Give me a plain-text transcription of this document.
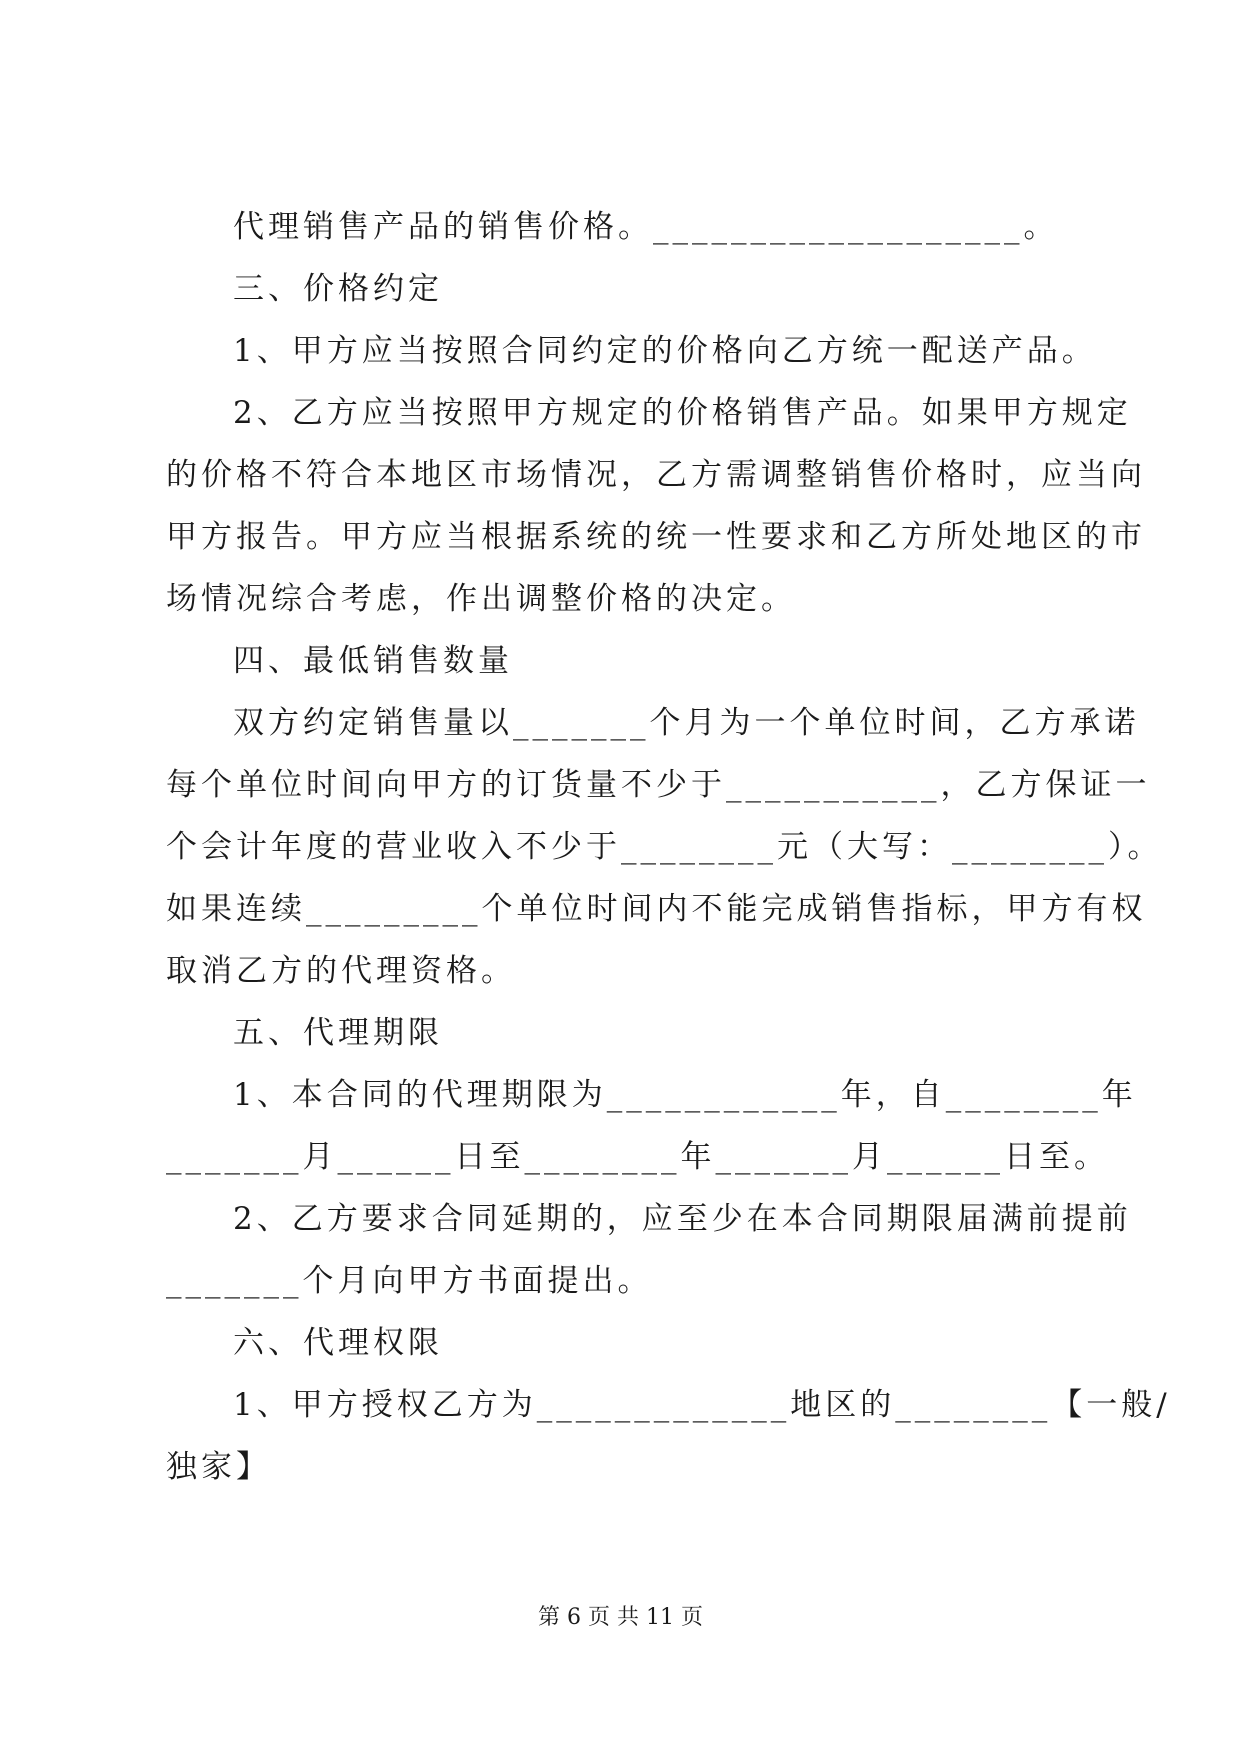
代理销售产品的销售价格。___________________。
三、价格约定
1、甲方应当按照合同约定的价格向乙方统一配送产品。
2、乙方应当按照甲方规定的价格销售产品。如果甲方规定
的价格不符合本地区市场情况，乙方需调整销售价格时，应当向
甲方报告。甲方应当根据系统的统一性要求和乙方所处地区的市
场情况综合考虑，作出调整价格的决定。
四、最低销售数量
双方约定销售量以_______个月为一个单位时间，乙方承诺
每个单位时间向甲方的订货量不少于___________，乙方保证一
个会计年度的营业收入不少于________元（大写：________）。
如果连续_________个单位时间内不能完成销售指标，甲方有权
取消乙方的代理资格。
五、代理期限
1、本合同的代理期限为____________年，自________年
_______月______日至________年_______月______日至。
2、乙方要求合同延期的，应至少在本合同期限届满前提前
_______个月向甲方书面提出。
六、代理权限
1、甲方授权乙方为_____________地区的________【一般/
独家】
第 6 页 共 11 页
